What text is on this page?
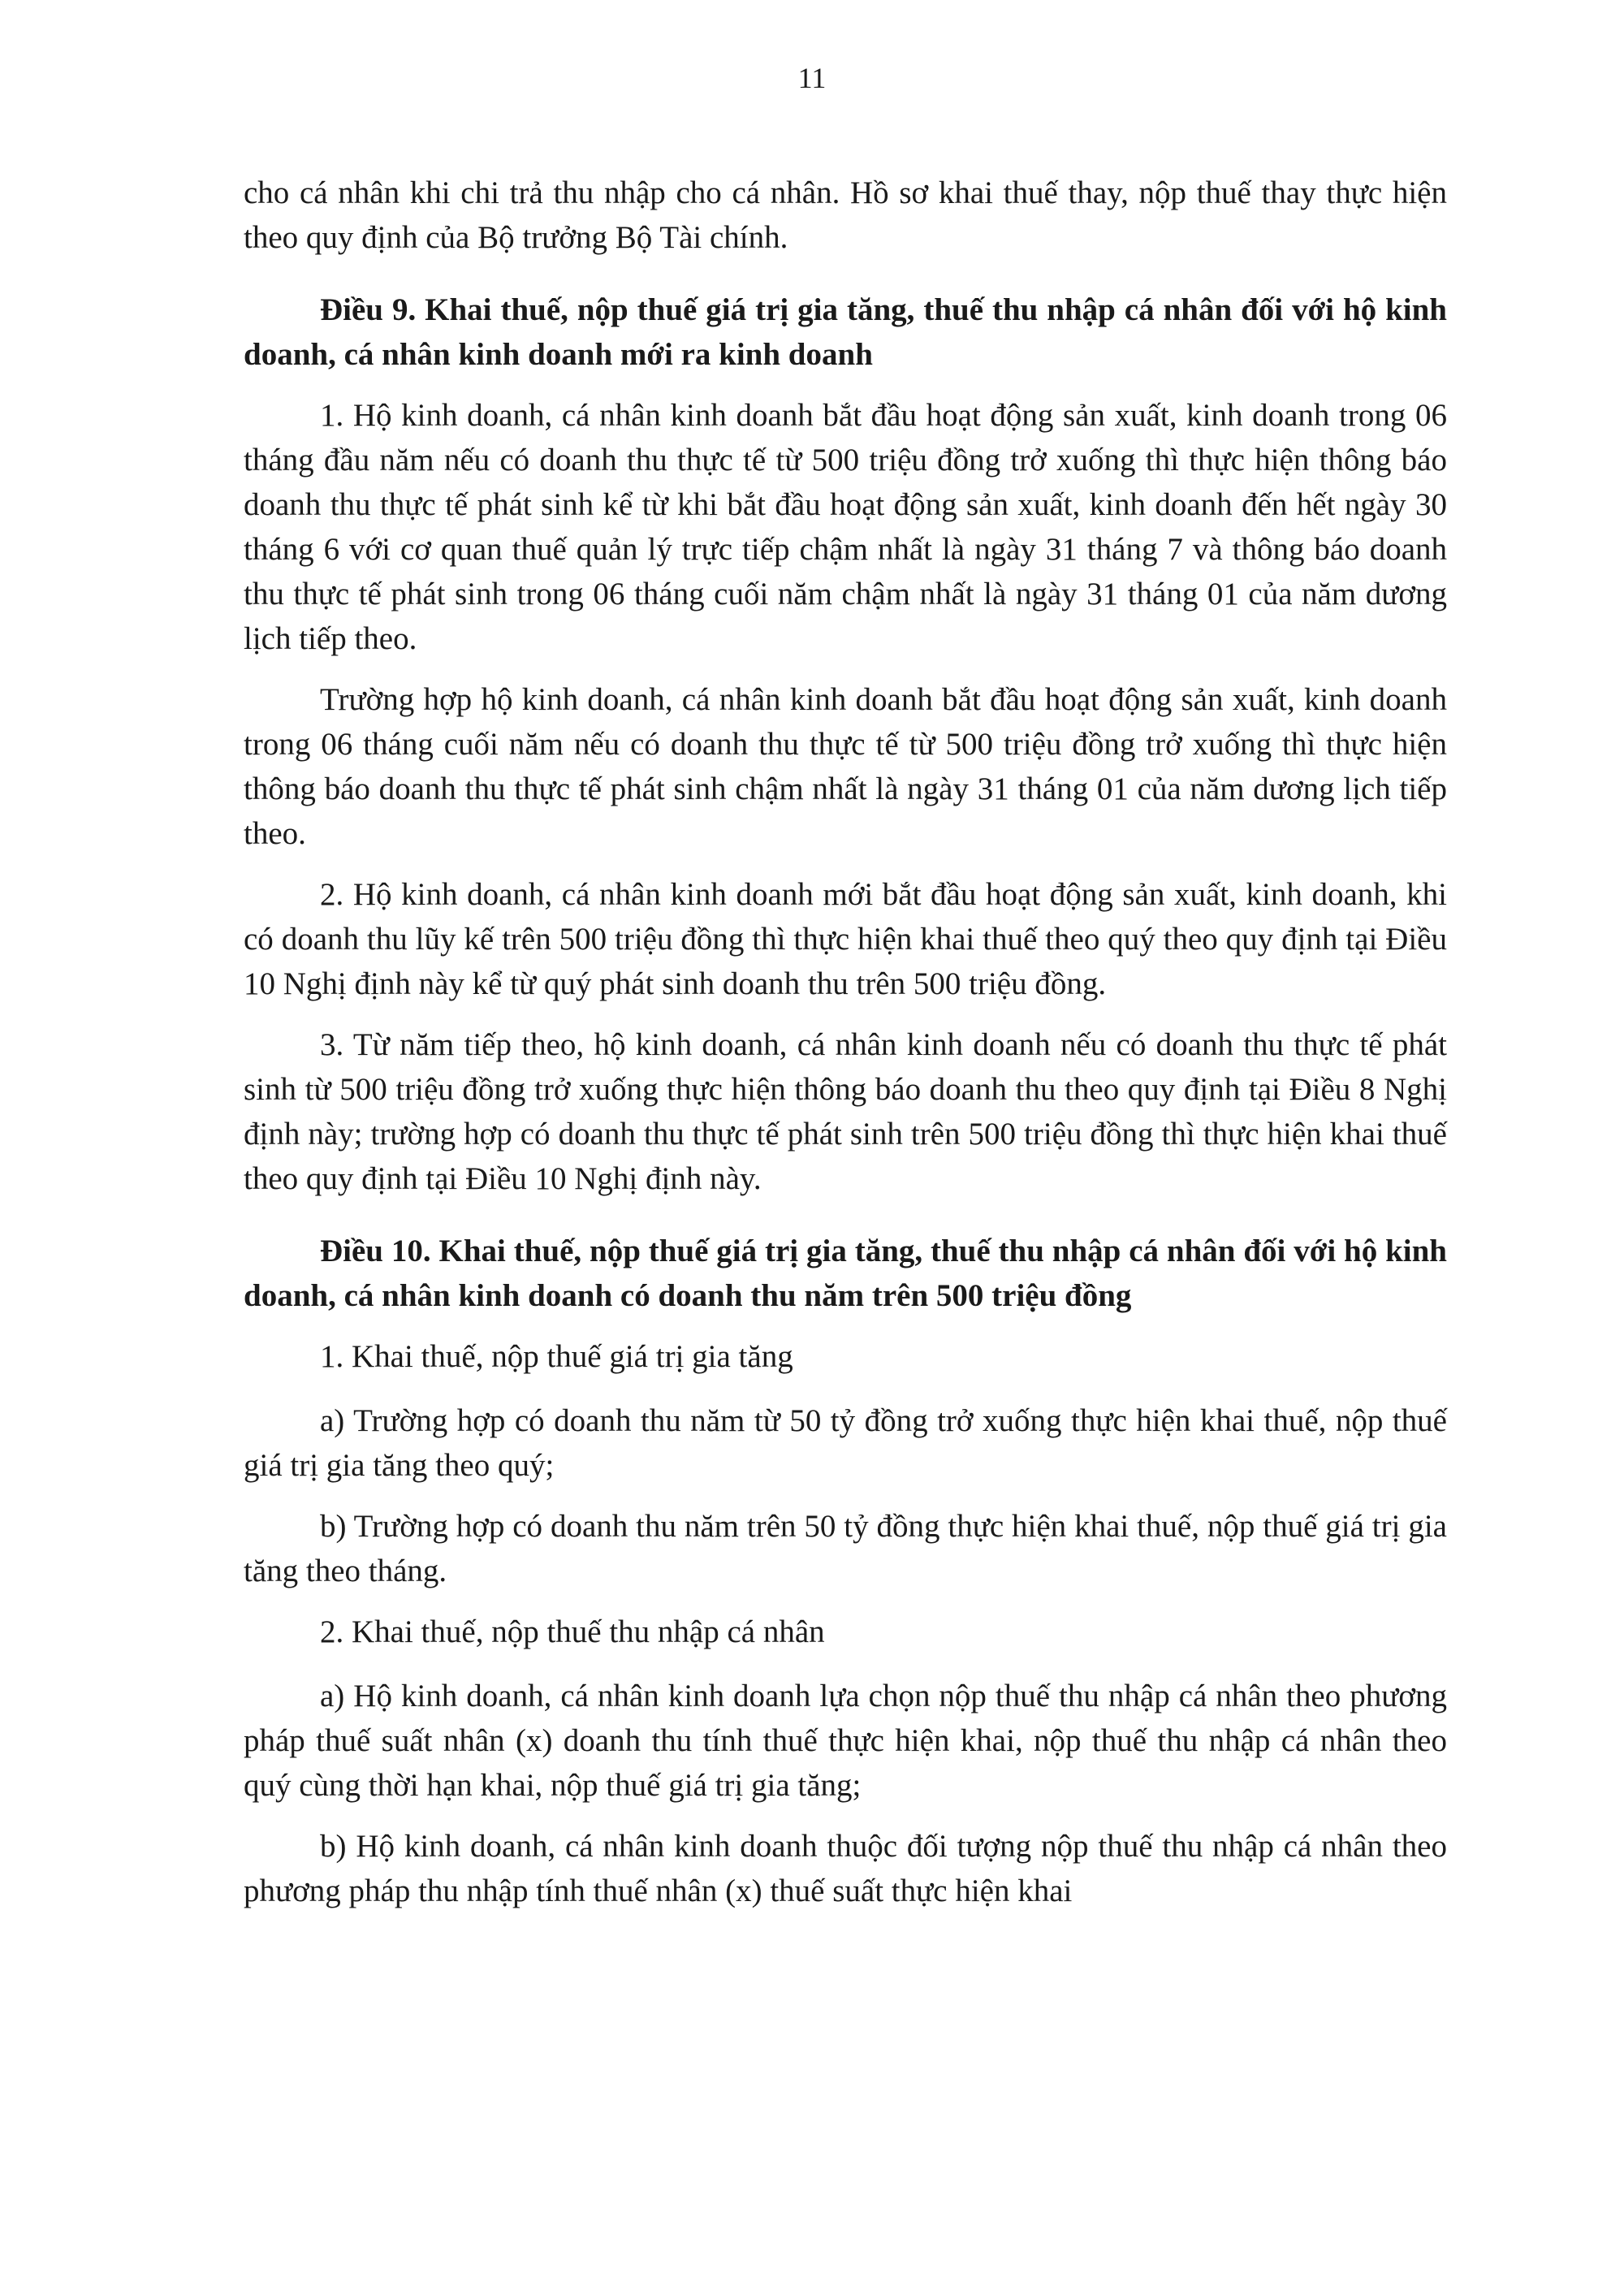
11

cho cá nhân khi chi trả thu nhập cho cá nhân. Hồ sơ khai thuế thay, nộp thuế thay thực hiện theo quy định của Bộ trưởng Bộ Tài chính.

Điều 9. Khai thuế, nộp thuế giá trị gia tăng, thuế thu nhập cá nhân đối với hộ kinh doanh, cá nhân kinh doanh mới ra kinh doanh

1. Hộ kinh doanh, cá nhân kinh doanh bắt đầu hoạt động sản xuất, kinh doanh trong 06 tháng đầu năm nếu có doanh thu thực tế từ 500 triệu đồng trở xuống thì thực hiện thông báo doanh thu thực tế phát sinh kể từ khi bắt đầu hoạt động sản xuất, kinh doanh đến hết ngày 30 tháng 6 với cơ quan thuế quản lý trực tiếp chậm nhất là ngày 31 tháng 7 và thông báo doanh thu thực tế phát sinh trong 06 tháng cuối năm chậm nhất là ngày 31 tháng 01 của năm dương lịch tiếp theo.

Trường hợp hộ kinh doanh, cá nhân kinh doanh bắt đầu hoạt động sản xuất, kinh doanh trong 06 tháng cuối năm nếu có doanh thu thực tế từ 500 triệu đồng trở xuống thì thực hiện thông báo doanh thu thực tế phát sinh chậm nhất là ngày 31 tháng 01 của năm dương lịch tiếp theo.

2. Hộ kinh doanh, cá nhân kinh doanh mới bắt đầu hoạt động sản xuất, kinh doanh, khi có doanh thu lũy kế trên 500 triệu đồng thì thực hiện khai thuế theo quý theo quy định tại Điều 10 Nghị định này kể từ quý phát sinh doanh thu trên 500 triệu đồng.

3. Từ năm tiếp theo, hộ kinh doanh, cá nhân kinh doanh nếu có doanh thu thực tế phát sinh từ 500 triệu đồng trở xuống thực hiện thông báo doanh thu theo quy định tại Điều 8 Nghị định này; trường hợp có doanh thu thực tế phát sinh trên 500 triệu đồng thì thực hiện khai thuế theo quy định tại Điều 10 Nghị định này.

Điều 10. Khai thuế, nộp thuế giá trị gia tăng, thuế thu nhập cá nhân đối với hộ kinh doanh, cá nhân kinh doanh có doanh thu năm trên 500 triệu đồng

1. Khai thuế, nộp thuế giá trị gia tăng

a) Trường hợp có doanh thu năm từ 50 tỷ đồng trở xuống thực hiện khai thuế, nộp thuế giá trị gia tăng theo quý;

b) Trường hợp có doanh thu năm trên 50 tỷ đồng thực hiện khai thuế, nộp thuế giá trị gia tăng theo tháng.

2. Khai thuế, nộp thuế thu nhập cá nhân

a) Hộ kinh doanh, cá nhân kinh doanh lựa chọn nộp thuế thu nhập cá nhân theo phương pháp thuế suất nhân (x) doanh thu tính thuế thực hiện khai, nộp thuế thu nhập cá nhân theo quý cùng thời hạn khai, nộp thuế giá trị gia tăng;

b) Hộ kinh doanh, cá nhân kinh doanh thuộc đối tượng nộp thuế thu nhập cá nhân theo phương pháp thu nhập tính thuế nhân (x) thuế suất thực hiện khai
